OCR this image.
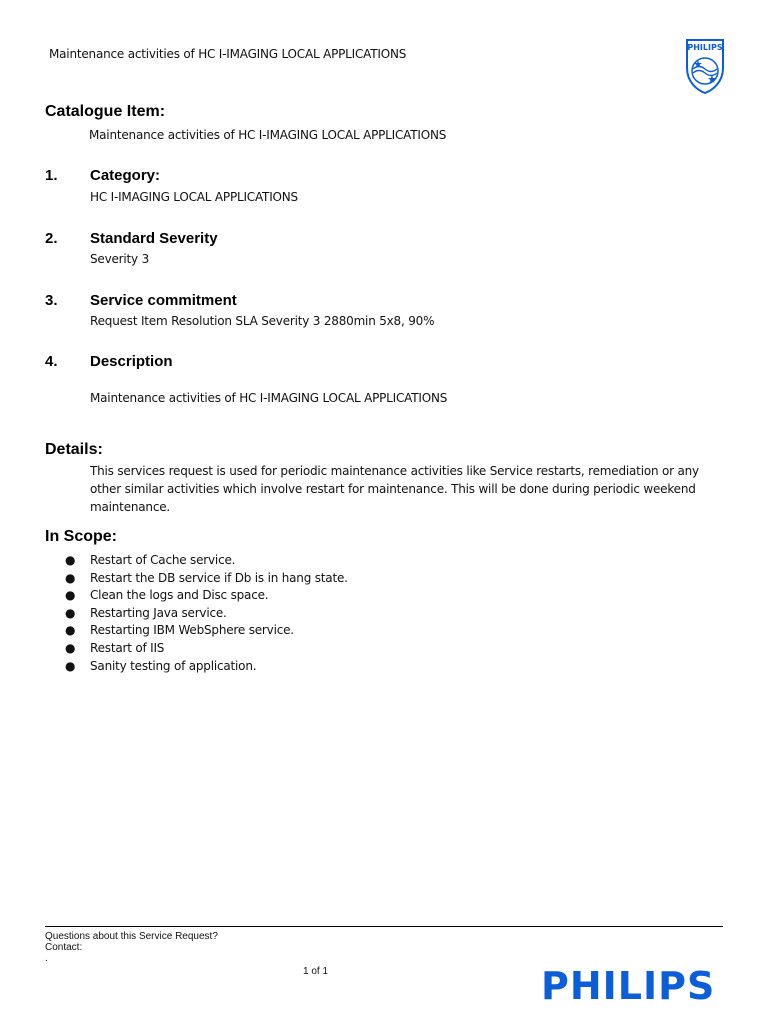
Maintenance activities of HC I-IMAGING LOCAL APPLICATIONS	PHILIPS
Catalogue Item:
Maintenance activities of HC I-IMAGING LOCAL APPLICATIONS
1.	Category:
HC I-IMAGING LOCAL APPLICATIONS
2.	Standard Severity
Severity 3
3.	Service commitment
Request Item Resolution SLA Severity 3 2880min 5x8, 90%
4.	Description
Maintenance activities of HC I-IMAGING LOCAL APPLICATIONS
Details:
This services request is used for periodic maintenance activities like Service restarts, remediation or any other similar activities which involve restart for maintenance. This will be done during periodic weekend maintenance.
In Scope:
● Restart of Cache service.
● Restart the DB service if Db is in hang state.
● Clean the logs and Disc space.
● Restarting Java service.
● Restarting IBM WebSphere service.
● Restart of IIS
● Sanity testing of application.
Questions about this Service Request?
Contact:
.
1 of 1	PHILIPS
